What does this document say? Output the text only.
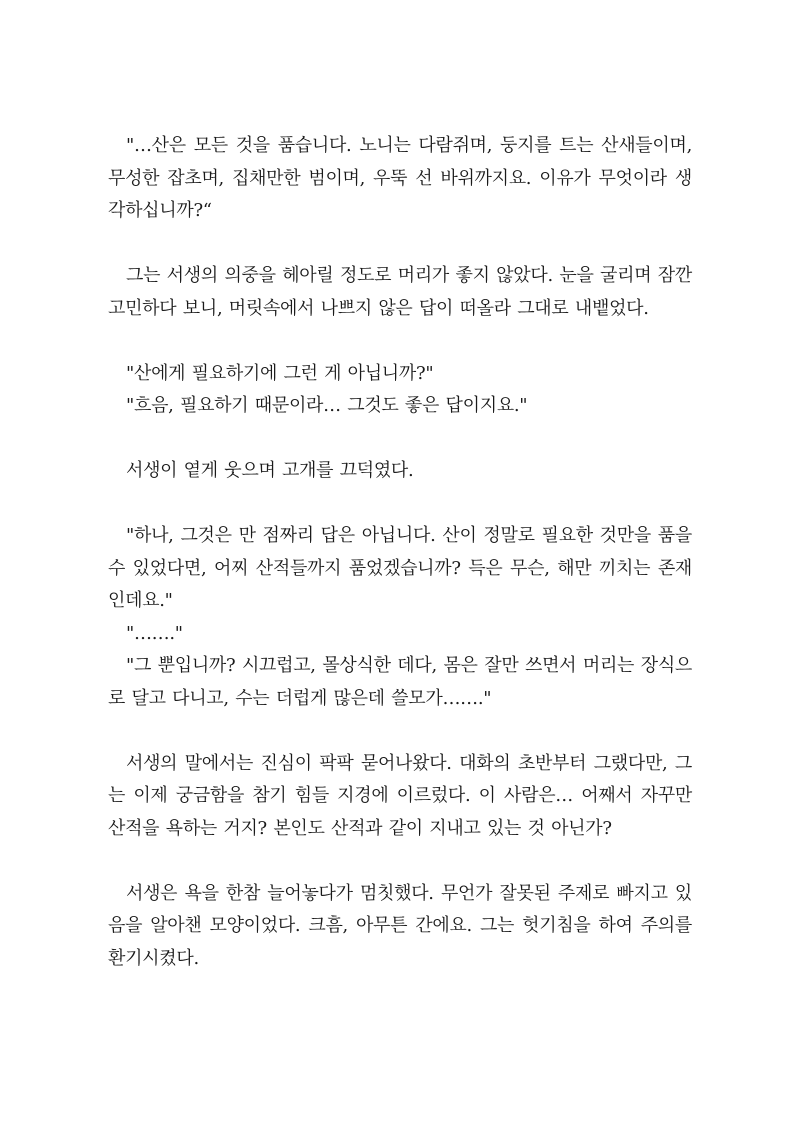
"…산은 모든 것을 품습니다. 노니는 다람쥐며, 둥지를 트는 산새들이며, 무성한 잡초며, 집채만한 범이며, 우뚝 선 바위까지요. 이유가 무엇이라 생각하십니까?“

그는 서생의 의중을 헤아릴 정도로 머리가 좋지 않았다. 눈을 굴리며 잠깐 고민하다 보니, 머릿속에서 나쁘지 않은 답이 떠올라 그대로 내뱉었다.

"산에게 필요하기에 그런 게 아닙니까?"

"흐음, 필요하기 때문이라… 그것도 좋은 답이지요."

서생이 옅게 웃으며 고개를 끄덕였다.

"하나, 그것은 만 점짜리 답은 아닙니다. 산이 정말로 필요한 것만을 품을 수 있었다면, 어찌 산적들까지 품었겠습니까? 득은 무슨, 해만 끼치는 존재인데요."

"……."

"그 뿐입니까? 시끄럽고, 몰상식한 데다, 몸은 잘만 쓰면서 머리는 장식으로 달고 다니고, 수는 더럽게 많은데 쓸모가……."

서생의 말에서는 진심이 팍팍 묻어나왔다. 대화의 초반부터 그랬다만, 그는 이제 궁금함을 참기 힘들 지경에 이르렀다. 이 사람은… 어째서 자꾸만 산적을 욕하는 거지? 본인도 산적과 같이 지내고 있는 것 아닌가?

서생은 욕을 한참 늘어놓다가 멈칫했다. 무언가 잘못된 주제로 빠지고 있음을 알아챈 모양이었다. 크흠, 아무튼 간에요. 그는 헛기침을 하여 주의를 환기시켰다.
